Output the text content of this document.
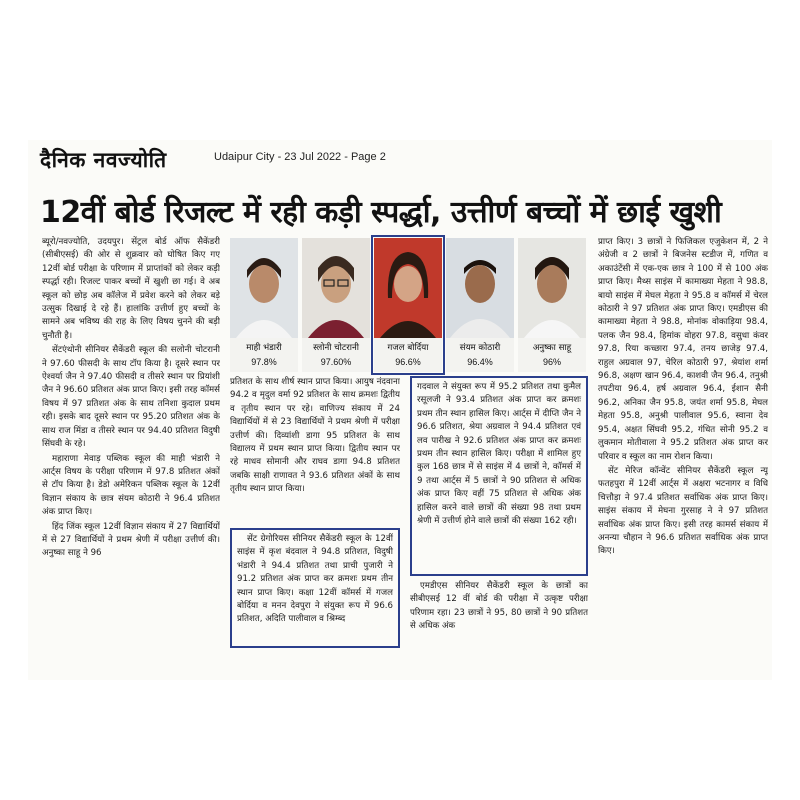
दैनिक नवज्योति	Udaipur City - 23 Jul 2022 - Page 2
12वीं बोर्ड रिजल्ट में रही कड़ी स्पर्द्धा, उत्तीर्ण बच्चों में छाई खुशी

ब्यूरो/नवज्योति, उदयपुर। सेंट्रल बोर्ड ऑफ सैकेंडरी (सीबीएसई) की ओर से शुक्रवार को घोषित किए गए 12वीं बोर्ड परीक्षा के परिणाम में प्राप्तांकों को लेकर कड़ी स्पर्द्धा रही। रिजल्ट पाकर बच्चों में खुशी छा गई। वे अब स्कूल को छोड़ अब कॉलेज में प्रवेश करने को लेकर बड़े उत्सुक दिखाई दे रहे हैं। हालांकि उत्तीर्ण हुए बच्चों के सामने अब भविष्य की राह के लिए विषय चुनने की बड़ी चुनौती है।

सेंटएंथोनी सीनियर सैकेंडरी स्कूल की सलोनी चोटरानी ने 97.60 फीसदी के साथ टॉप किया है। दूसरे स्थान पर ऐश्वर्या जैन ने 97.40 फीसदी व तीसरे स्थान पर प्रियांशी जैन ने 96.60 प्रतिशत अंक प्राप्त किए। इसी तरह कॉमर्स विषय में 97 प्रतिशत अंक के साथ तनिशा कुदाल प्रथम रही। इसके बाद दूसरे स्थान पर 95.20 प्रतिशत अंक के साथ राज मिंडा व तीसरे स्थान पर 94.40 प्रतिशत विदुषी सिंघवी के रहे।

महाराणा मेवाड़ पब्लिक स्कूल की माही भंडारी ने आर्ट्स विषय के परीक्षा परिणाम में 97.8 प्रतिशत अंकों से टॉप किया है। डेडो अमेरिकन पब्लिक स्कूल के 12वीं विज्ञान संकाय के छात्र संयम कोठारी ने 96.4 प्रतिशत अंक प्राप्त किए।

हिंद जिंक स्कूल 12वीं विज्ञान संकाय में 27 विद्यार्थियों में से 27 विद्यार्थियों ने प्रथम श्रेणी में परीक्षा उत्तीर्ण की। अनुष्का साहू ने 96

माही भंडारी
97.8%
स्लोनी चोटरानी
97.60%
गजल बोर्दिया
96.6%
संयम कोठारी
96.4%
अनुष्का साहू
96%

प्रतिशत के साथ शीर्ष स्थान प्राप्त किया। आयुष नंदवाना 94.2 व मृदुल वर्मा 92 प्रतिशत के साथ क्रमशः द्वितीय व तृतीय स्थान पर रहे। वाणिज्य संकाय में 24 विद्यार्थियों में से 23 विद्यार्थियों ने प्रथम श्रेणी में परीक्षा उत्तीर्ण की। दिव्यांशी डागा 95 प्रतिशत के साथ विद्यालय में प्रथम स्थान प्राप्त किया। द्वितीय स्थान पर रहे माधव सोमानी और राघव डागा 94.8 प्रतिशत जबकि साक्षी राणावत ने 93.6 प्रतिशत अंकों के साथ तृतीय स्थान प्राप्त किया।

सेंट ग्रेगोरियस सीनियर सैकेंडरी स्कूल के 12वीं साइंस में कृश बंदवाल ने 94.8 प्रतिशत, विदुषी भंडारी ने 94.4 प्रतिशत तथा प्राची पुजारी ने 91.2 प्रतिशत अंक प्राप्त कर क्रमशः प्रथम तीन स्थान प्राप्त किए। कक्षा 12वीं कॉमर्स में गजल बोर्दिया व मनन देवपुरा ने संयुक्त रूप में 96.6 प्रतिशत, अदिति पालीवाल व श्रिम्ब्द

गदवाल ने संयुक्त रूप में 95.2 प्रतिशत तथा कुमैल रसूलजी ने 93.4 प्रतिशत अंक प्राप्त कर क्रमशः प्रथम तीन स्थान हासिल किए। आर्ट्स में दीप्ति जैन ने 96.6 प्रतिशत, श्रेया अग्रवाल ने 94.4 प्रतिशत एवं लव पारीख ने 92.6 प्रतिशत अंक प्राप्त कर क्रमशः प्रथम तीन स्थान हासिल किए। परीक्षा में शामिल हुए कुल 168 छात्र में से साइंस में 4 छात्रों ने, कॉमर्स में 9 तथा आर्ट्स में 5 छात्रों ने 90 प्रतिशत से अधिक अंक प्राप्त किए वहीं 75 प्रतिशत से अधिक अंक हासिल करने वाले छात्रों की संख्या 98 तथा प्रथम श्रेणी में उत्तीर्ण होने वाले छात्रों की संख्या 162 रही।

एमडीएस सीनियर सैकेंडरी स्कूल के छात्रों का सीबीएसई 12 वीं बोर्ड की परीक्षा में उत्कृष्ट परीक्षा परिणाम रहा। 23 छात्रों ने 95, 80 छात्रों ने 90 प्रतिशत से अधिक अंक

प्राप्त किए। 3 छात्रों ने फिजिकल एजुकेशन में, 2 ने अंग्रेजी व 2 छात्रों ने बिजनेस स्टडीज में, गणित व अकाउंटेंसी में एक-एक छात्र ने 100 में से 100 अंक प्राप्त किए। मैथ्स साइंस में कामाख्या मेहता ने 98.8, बायो साइंस में मेघल मेहता ने 95.8 व कॉमर्स में चेरल कोठारी ने 97 प्रतिशत अंक प्राप्त किए। एमडीएस की कामाख्या मेहता ने 98.8, मोनांक वोकाड़िया 98.4, पलक जैन 98.4, हिमांक वोहरा 97.8, वसुधा कंवर 97.8, रिया कच्छारा 97.4, तनय छाजेड़ 97.4, राहुल अग्रवाल 97, चेरिल कोठारी 97, श्रेयांश शर्मा 96.8, अक्षण खान 96.4, काशवी जैन 96.4, तनुश्री तपटीया 96.4, हर्ष अग्रवाल 96.4, ईशान सैनी 96.2, अनिका जैन 95.8, जयंत शर्मा 95.8, मेघल मेहता 95.8, अनुश्री पालीवाल 95.6, स्वाना देव 95.4, अक्षत सिंघवी 95.2, गंधित सोनी 95.2 व लुकमान मोतीवाला ने 95.2 प्रतिशत अंक प्राप्त कर परिवार व स्कूल का नाम रोशन किया।

सेंट मेरिज कॉन्वेंट सीनियर सैकेंडरी स्कूल न्यू फतहपुरा में 12वीं आर्ट्स में अक्षरा भटनागर व विधि चित्तौड़ा ने 97.4 प्रतिशत सर्वाधिक अंक प्राप्त किए। साइंस संकाय में मेघना गुरसाह ने ने 97 प्रतिशत सर्वाधिक अंक प्राप्त किए। इसी तरह कामर्स संकाय में अनन्या चौहान ने 96.6 प्रतिशत सर्वाधिक अंक प्राप्त किए।
